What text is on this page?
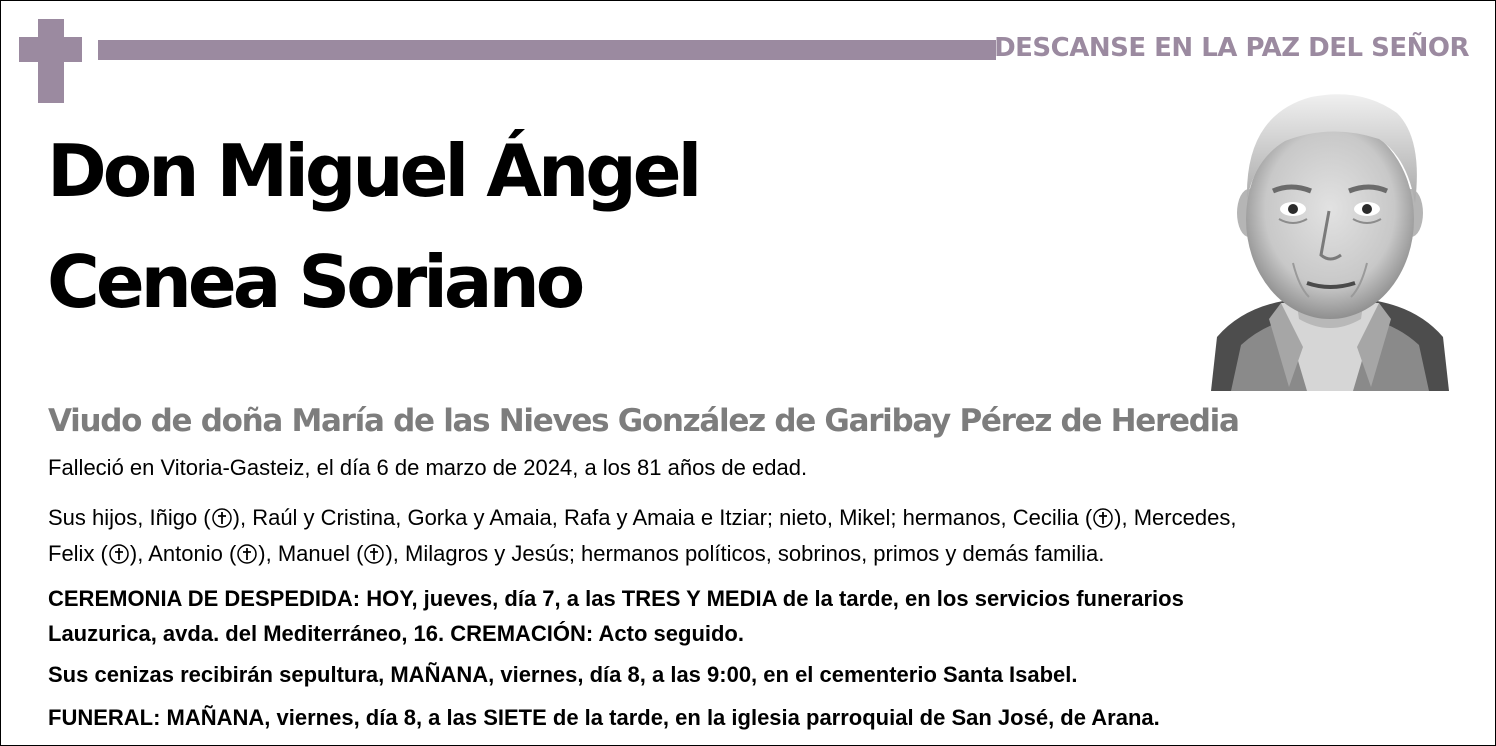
DESCANSE EN LA PAZ DEL SEÑOR
Don Miguel Ángel
Cenea Soriano
Viudo de doña María de las Nieves González de Garibay Pérez de Heredia
Falleció en Vitoria-Gasteiz, el día 6 de marzo de 2024, a los 81 años de edad.
Sus hijos, Iñigo ( ), Raúl y Cristina, Gorka y Amaia, Rafa y Amaia e Itziar; nieto, Mikel; hermanos, Cecilia ( ), Mercedes,
Felix ( ), Antonio ( ), Manuel ( ), Milagros y Jesús; hermanos políticos, sobrinos, primos y demás familia.
CEREMONIA DE DESPEDIDA: HOY, jueves, día 7, a las TRES Y MEDIA de la tarde, en los servicios funerarios
Lauzurica, avda. del Mediterráneo, 16. CREMACIÓN: Acto seguido.
Sus cenizas recibirán sepultura, MAÑANA, viernes, día 8, a las 9:00, en el cementerio Santa Isabel.
FUNERAL: MAÑANA, viernes, día 8, a las SIETE de la tarde, en la iglesia parroquial de San José, de Arana.
